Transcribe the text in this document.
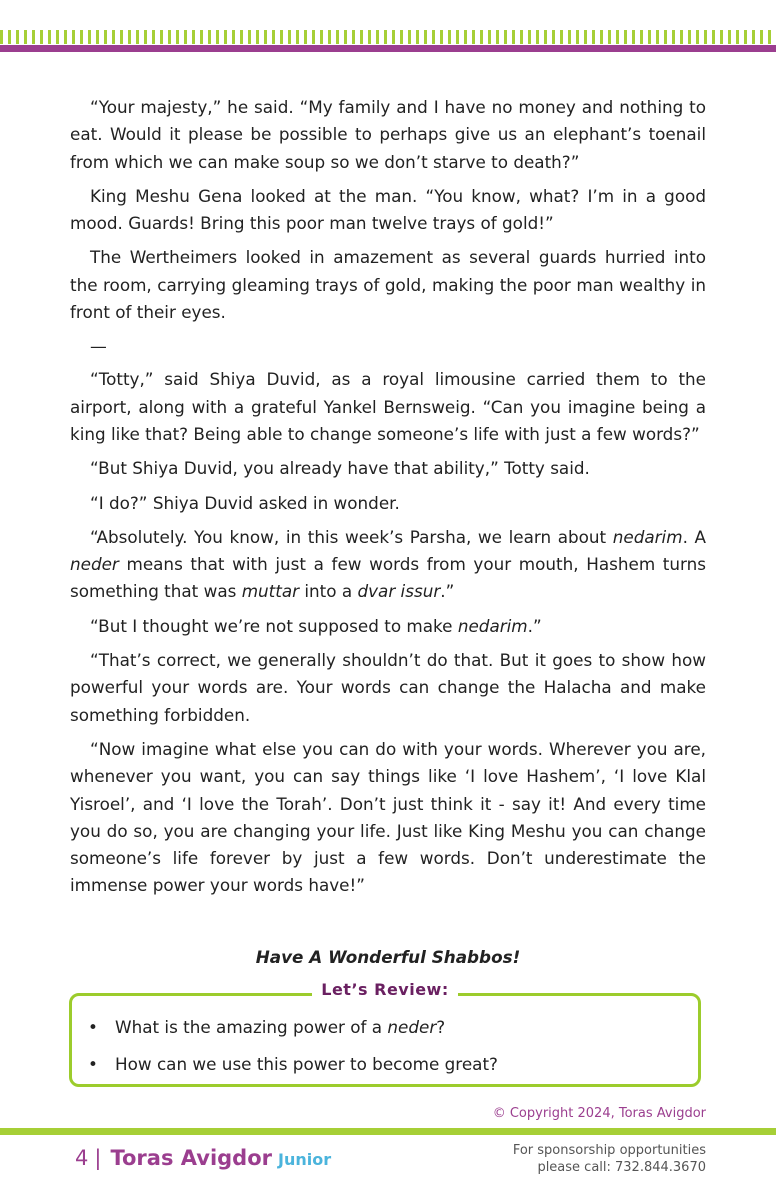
“Your majesty,” he said. “My family and I have no money and nothing to eat. Would it please be possible to perhaps give us an elephant’s toenail from which we can make soup so we don’t starve to death?”

King Meshu Gena looked at the man. “You know, what? I’m in a good mood. Guards! Bring this poor man twelve trays of gold!”

The Wertheimers looked in amazement as several guards hurried into the room, carrying gleaming trays of gold, making the poor man wealthy in front of their eyes.

—

“Totty,” said Shiya Duvid, as a royal limousine carried them to the airport, along with a grateful Yankel Bernsweig. “Can you imagine being a king like that? Being able to change someone’s life with just a few words?”

“But Shiya Duvid, you already have that ability,” Totty said.

“I do?” Shiya Duvid asked in wonder.

“Absolutely. You know, in this week’s Parsha, we learn about nedarim. A neder means that with just a few words from your mouth, Hashem turns something that was muttar into a dvar issur.”

“But I thought we’re not supposed to make nedarim.”

“That’s correct, we generally shouldn’t do that. But it goes to show how powerful your words are. Your words can change the Halacha and make something forbidden.

“Now imagine what else you can do with your words. Wherever you are, whenever you want, you can say things like ‘I love Hashem’, ‘I love Klal Yisroel’, and ‘I love the Torah’. Don’t just think it - say it! And every time you do so, you are changing your life. Just like King Meshu you can change someone’s life forever by just a few words. Don’t underestimate the immense power your words have!”

Have A Wonderful Shabbos!
Let’s Review:
• What is the amazing power of a neder?
• How can we use this power to become great?
© Copyright 2024, Toras Avigdor
4 | Toras Avigdor Junior	For sponsorship opportunities
please call: 732.844.3670
